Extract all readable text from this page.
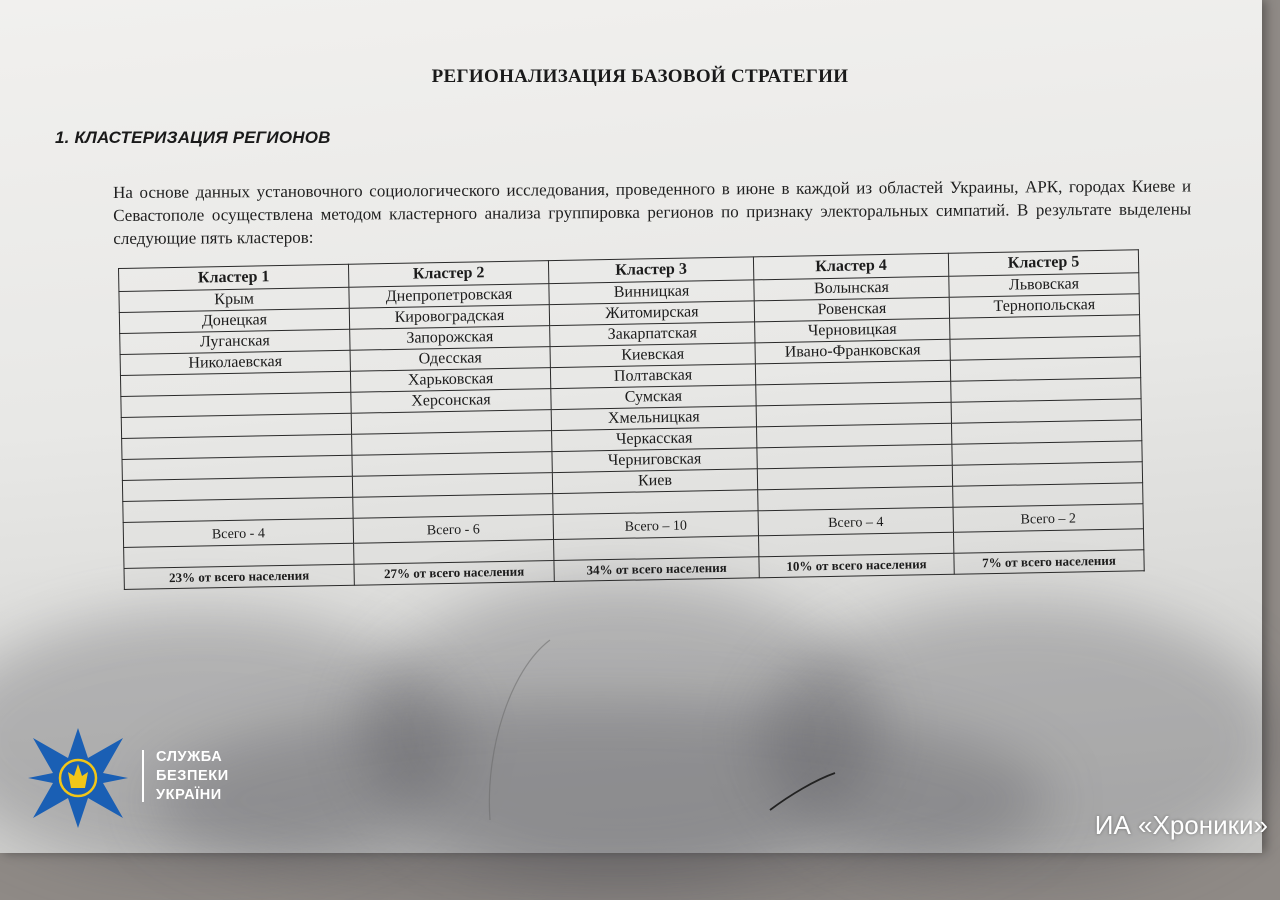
РЕГИОНАЛИЗАЦИЯ БАЗОВОЙ СТРАТЕГИИ
1. КЛАСТЕРИЗАЦИЯ РЕГИОНОВ
На основе данных установочного социологического исследования, проведенного в июне в каждой из областей Украины, АРК, городах Киеве и Севастополе осуществлена методом кластерного анализа группировка регионов по признаку электоральных симпатий. В результате выделены следующие пять кластеров:
Кластер 1	Кластер 2	Кластер 3	Кластер 4	Кластер 5
Крым	Днепропетровская	Винницкая	Волынская	Львовская
Донецкая	Кировоградская	Житомирская	Ровенская	Тернопольская
Луганская	Запорожская	Закарпатская	Черновицкая	
Николаевская	Одесская	Киевская	Ивано-Франковская	
	Харьковская	Полтавская		
	Херсонская	Сумская		
		Хмельницкая		
		Черкасская		
		Черниговская		
		Киев		

Всего - 4	Всего - 6	Всего – 10	Всего – 4	Всего – 2

23% от всего населения	27% от всего населения	34% от всего населения	10% от всего населения	7% от всего населения
СЛУЖБА
БЕЗПЕКИ
УКРАЇНИ
ИА «Хроники»
